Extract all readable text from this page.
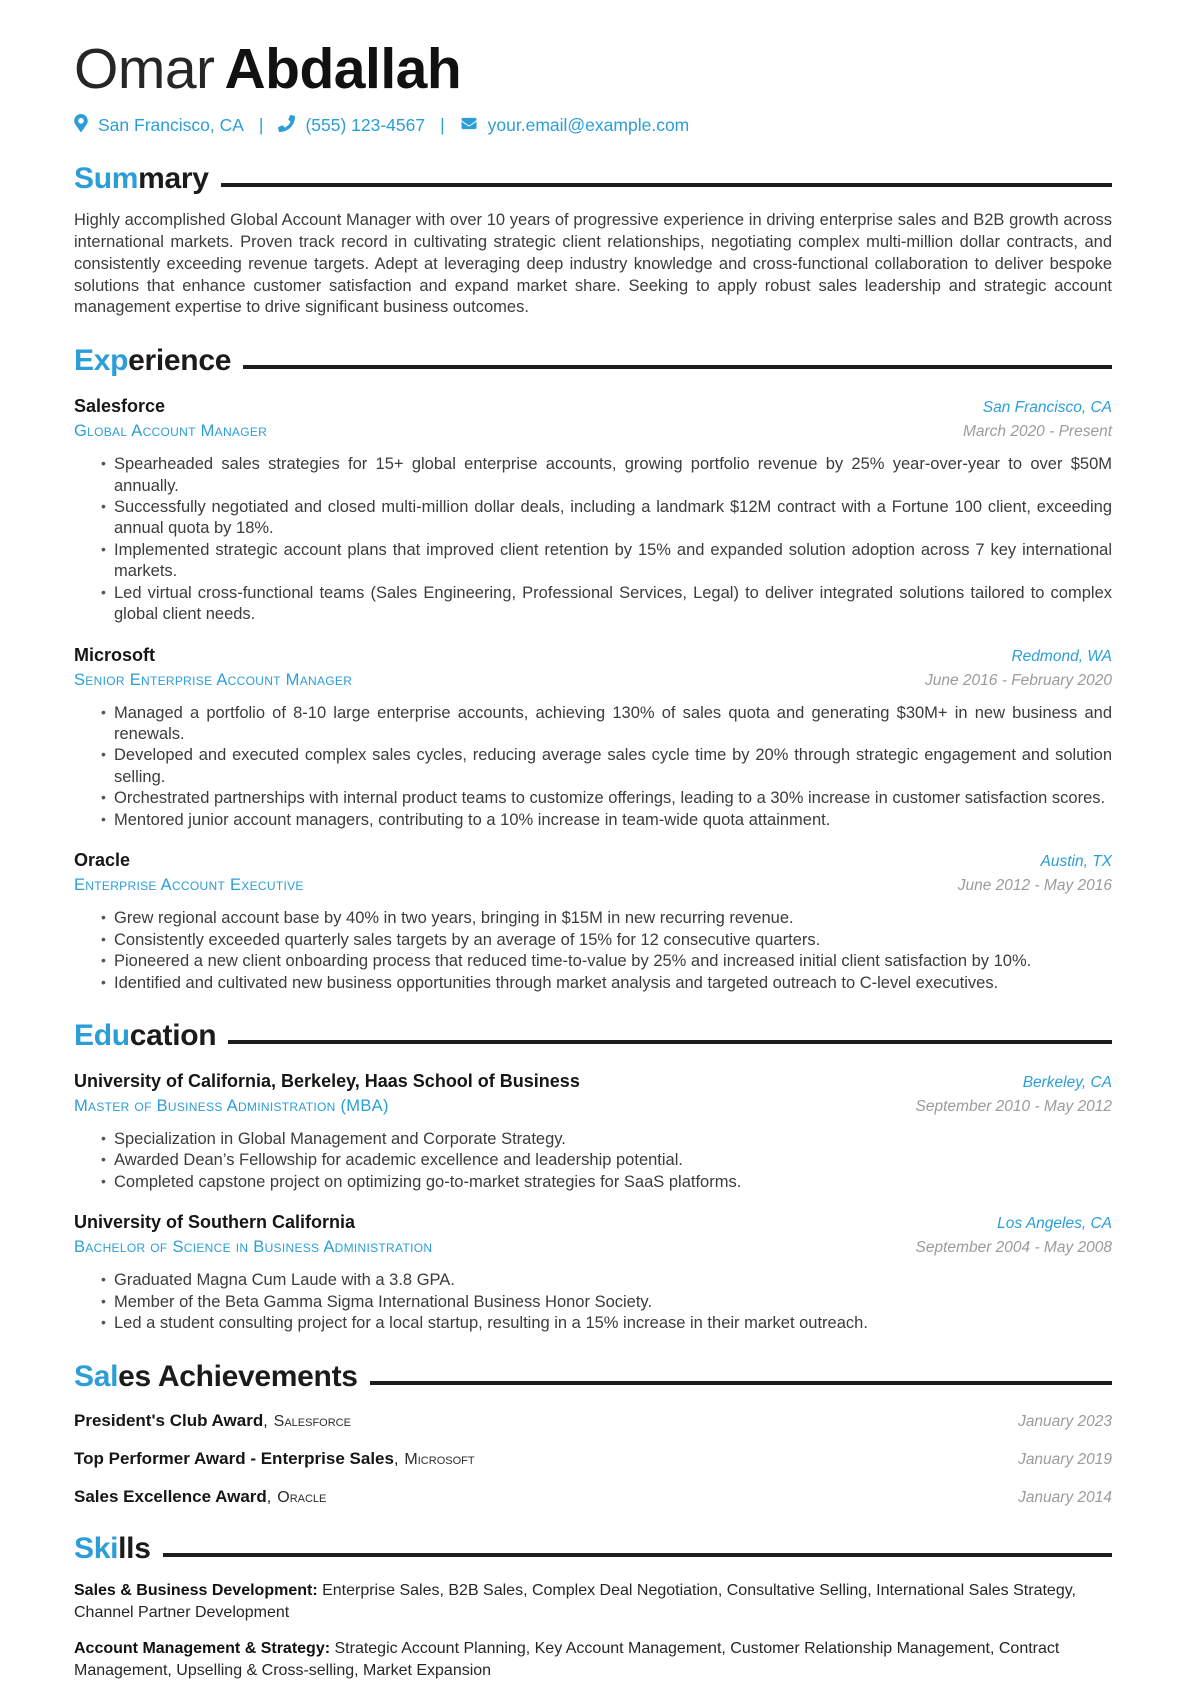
Omar Abdallah
San Francisco, CA | (555) 123-4567 | your.email@example.com
Sum mary

Highly accomplished Global Account Manager with over 10 years of progressive experience in driving enterprise sales and B2B growth across international markets. Proven track record in cultivating strategic client relationships, negotiating complex multi-million dollar contracts, and consistently exceeding revenue targets. Adept at leveraging deep industry knowledge and cross-functional collaboration to deliver bespoke solutions that enhance customer satisfaction and expand market share. Seeking to apply robust sales leadership and strategic account management expertise to drive significant business outcomes.

Exp erience
Salesforce	San Francisco, CA
Global Account Manager	March 2020 - Present
• Spearheaded sales strategies for 15+ global enterprise accounts, growing portfolio revenue by 25% year-over-year to over $50M annually.
• Successfully negotiated and closed multi-million dollar deals, including a landmark $12M contract with a Fortune 100 client, exceeding annual quota by 18%.
• Implemented strategic account plans that improved client retention by 15% and expanded solution adoption across 7 key international markets.
• Led virtual cross-functional teams (Sales Engineering, Professional Services, Legal) to deliver integrated solutions tailored to complex global client needs.
Microsoft	Redmond, WA
Senior Enterprise Account Manager	June 2016 - February 2020
• Managed a portfolio of 8-10 large enterprise accounts, achieving 130% of sales quota and generating $30M+ in new business and renewals.
• Developed and executed complex sales cycles, reducing average sales cycle time by 20% through strategic engagement and solution selling.
• Orchestrated partnerships with internal product teams to customize offerings, leading to a 30% increase in customer satisfaction scores.
• Mentored junior account managers, contributing to a 10% increase in team-wide quota attainment.
Oracle	Austin, TX
Enterprise Account Executive	June 2012 - May 2016
• Grew regional account base by 40% in two years, bringing in $15M in new recurring revenue.
• Consistently exceeded quarterly sales targets by an average of 15% for 12 consecutive quarters.
• Pioneered a new client onboarding process that reduced time-to-value by 25% and increased initial client satisfaction by 10%.
• Identified and cultivated new business opportunities through market analysis and targeted outreach to C-level executives.
Edu cation
University of California, Berkeley, Haas School of Business	Berkeley, CA
Master of Business Administration (MBA)	September 2010 - May 2012
• Specialization in Global Management and Corporate Strategy.
• Awarded Dean’s Fellowship for academic excellence and leadership potential.
• Completed capstone project on optimizing go-to-market strategies for SaaS platforms.
University of Southern California	Los Angeles, CA
Bachelor of Science in Business Administration	September 2004 - May 2008
• Graduated Magna Cum Laude with a 3.8 GPA.
• Member of the Beta Gamma Sigma International Business Honor Society.
• Led a student consulting project for a local startup, resulting in a 15% increase in their market outreach.
Sal es Achievements
President's Club Award, Salesforce	January 2023
Top Performer Award - Enterprise Sales, Microsoft	January 2019
Sales Excellence Award, Oracle	January 2014
Ski lls

Sales & Business Development: Enterprise Sales, B2B Sales, Complex Deal Negotiation, Consultative Selling, International Sales Strategy, Channel Partner Development

Account Management & Strategy: Strategic Account Planning, Key Account Management, Customer Relationship Management, Contract Management, Upselling & Cross-selling, Market Expansion
